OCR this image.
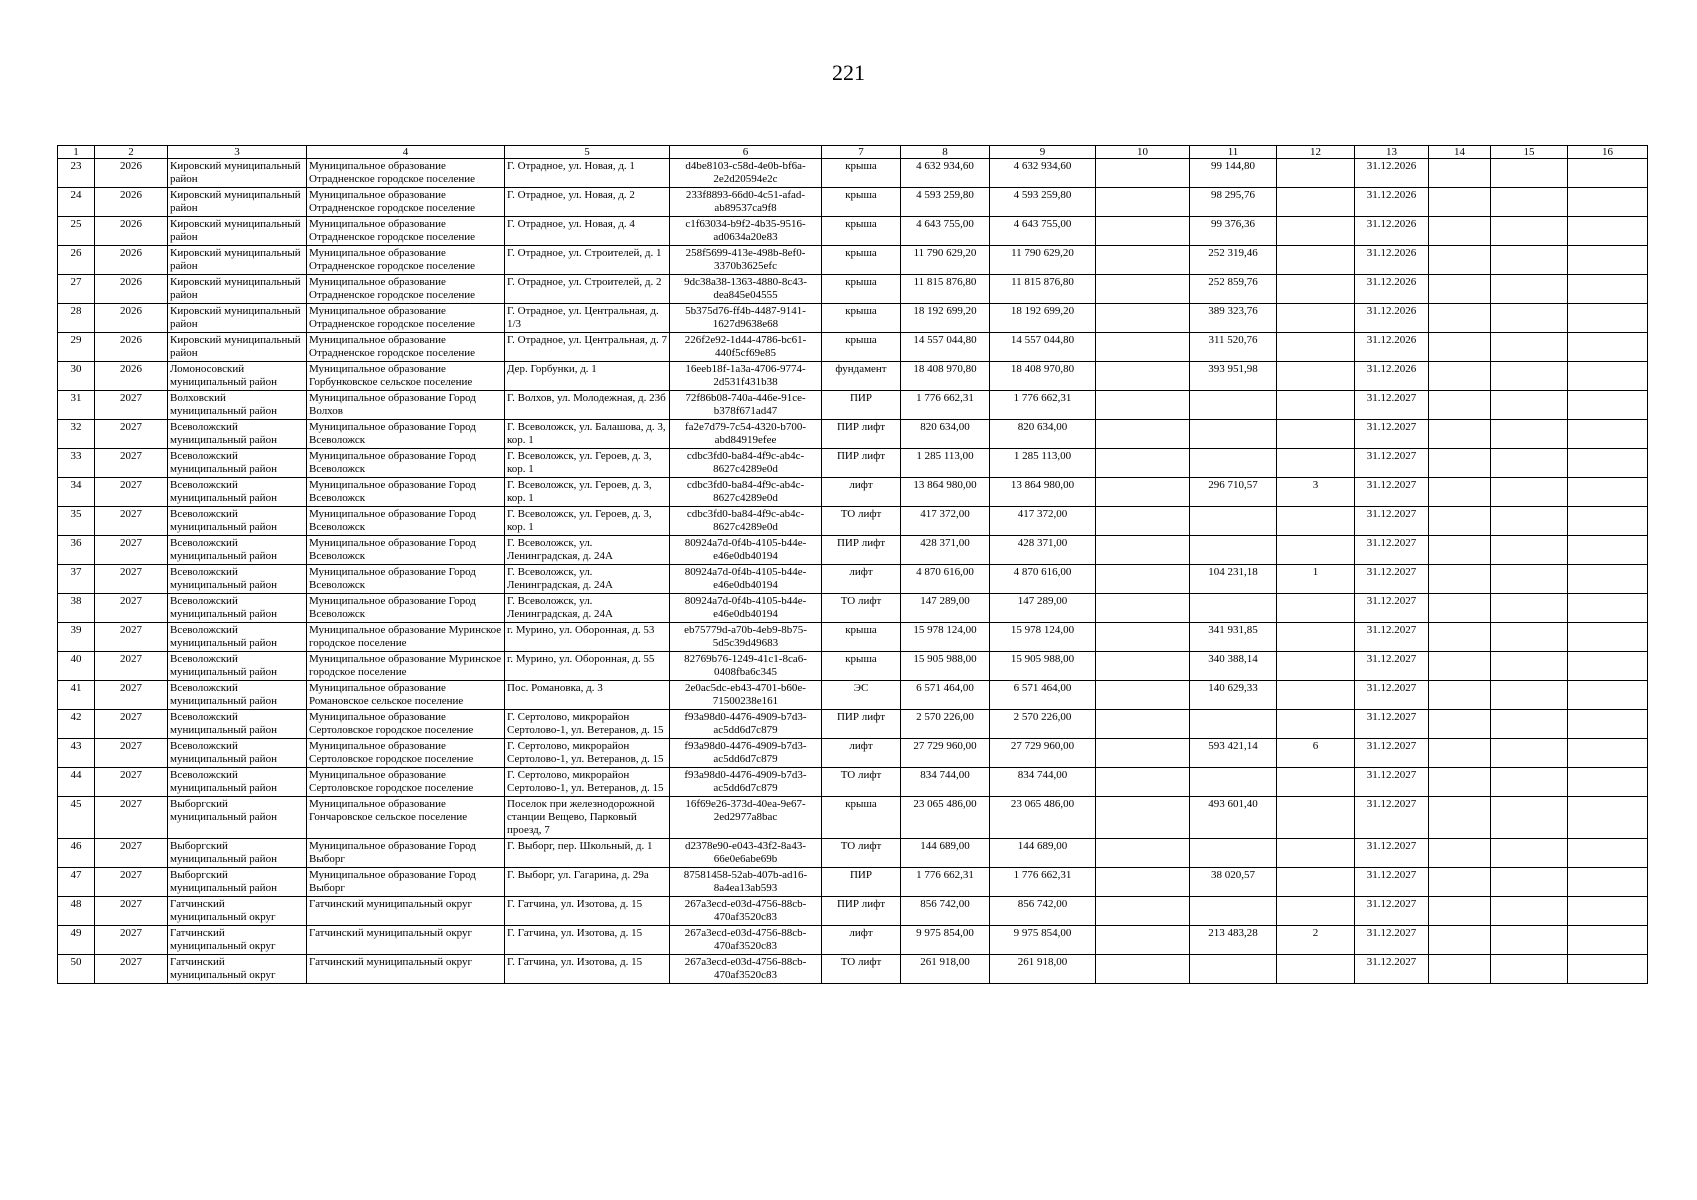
221
1	2	3	4	5	6	7	8	9	10	11	12	13	14	15	16
23	2026	Кировский муниципальный район	Муниципальное образование Отрадненское городское поселение	Г. Отрадное, ул. Новая, д. 1	d4be8103-c58d-4e0b-bf6a-2e2d20594e2c	крыша	4 632 934,60	4 632 934,60		99 144,80		31.12.2026			
24	2026	Кировский муниципальный район	Муниципальное образование Отрадненское городское поселение	Г. Отрадное, ул. Новая, д. 2	233f8893-66d0-4c51-afad-ab89537ca9f8	крыша	4 593 259,80	4 593 259,80		98 295,76		31.12.2026			
25	2026	Кировский муниципальный район	Муниципальное образование Отрадненское городское поселение	Г. Отрадное, ул. Новая, д. 4	c1f63034-b9f2-4b35-9516-ad0634a20e83	крыша	4 643 755,00	4 643 755,00		99 376,36		31.12.2026			
26	2026	Кировский муниципальный район	Муниципальное образование Отрадненское городское поселение	Г. Отрадное, ул. Строителей, д. 1	258f5699-413e-498b-8ef0-3370b3625efc	крыша	11 790 629,20	11 790 629,20		252 319,46		31.12.2026			
27	2026	Кировский муниципальный район	Муниципальное образование Отрадненское городское поселение	Г. Отрадное, ул. Строителей, д. 2	9dc38a38-1363-4880-8c43-dea845e04555	крыша	11 815 876,80	11 815 876,80		252 859,76		31.12.2026			
28	2026	Кировский муниципальный район	Муниципальное образование Отрадненское городское поселение	Г. Отрадное, ул. Центральная, д. 1/3	5b375d76-ff4b-4487-9141-1627d9638e68	крыша	18 192 699,20	18 192 699,20		389 323,76		31.12.2026			
29	2026	Кировский муниципальный район	Муниципальное образование Отрадненское городское поселение	Г. Отрадное, ул. Центральная, д. 7	226f2e92-1d44-4786-bc61-440f5cf69e85	крыша	14 557 044,80	14 557 044,80		311 520,76		31.12.2026			
30	2026	Ломоносовский муниципальный район	Муниципальное образование Горбунковское сельское поселение	Дер. Горбунки, д. 1	16eeb18f-1a3a-4706-9774-2d531f431b38	фундамент	18 408 970,80	18 408 970,80		393 951,98		31.12.2026			
31	2027	Волховский муниципальный район	Муниципальное образование Город Волхов	Г. Волхов, ул. Молодежная, д. 23б	72f86b08-740a-446e-91ce-b378f671ad47	ПИР	1 776 662,31	1 776 662,31				31.12.2027			
32	2027	Всеволожский муниципальный район	Муниципальное образование Город Всеволожск	Г. Всеволожск, ул. Балашова, д. 3, кор. 1	fa2e7d79-7c54-4320-b700-abd84919efee	ПИР лифт	820 634,00	820 634,00				31.12.2027			
33	2027	Всеволожский муниципальный район	Муниципальное образование Город Всеволожск	Г. Всеволожск, ул. Героев, д. 3, кор. 1	cdbc3fd0-ba84-4f9c-ab4c-8627c4289e0d	ПИР лифт	1 285 113,00	1 285 113,00				31.12.2027			
34	2027	Всеволожский муниципальный район	Муниципальное образование Город Всеволожск	Г. Всеволожск, ул. Героев, д. 3, кор. 1	cdbc3fd0-ba84-4f9c-ab4c-8627c4289e0d	лифт	13 864 980,00	13 864 980,00		296 710,57	3	31.12.2027			
35	2027	Всеволожский муниципальный район	Муниципальное образование Город Всеволожск	Г. Всеволожск, ул. Героев, д. 3, кор. 1	cdbc3fd0-ba84-4f9c-ab4c-8627c4289e0d	ТО лифт	417 372,00	417 372,00				31.12.2027			
36	2027	Всеволожский муниципальный район	Муниципальное образование Город Всеволожск	Г. Всеволожск, ул. Ленинградская, д. 24А	80924a7d-0f4b-4105-b44e-e46e0db40194	ПИР лифт	428 371,00	428 371,00				31.12.2027			
37	2027	Всеволожский муниципальный район	Муниципальное образование Город Всеволожск	Г. Всеволожск, ул. Ленинградская, д. 24А	80924a7d-0f4b-4105-b44e-e46e0db40194	лифт	4 870 616,00	4 870 616,00		104 231,18	1	31.12.2027			
38	2027	Всеволожский муниципальный район	Муниципальное образование Город Всеволожск	Г. Всеволожск, ул. Ленинградская, д. 24А	80924a7d-0f4b-4105-b44e-e46e0db40194	ТО лифт	147 289,00	147 289,00				31.12.2027			
39	2027	Всеволожский муниципальный район	Муниципальное образование Муринское городское поселение	г. Мурино, ул. Оборонная, д. 53	eb75779d-a70b-4eb9-8b75-5d5c39d49683	крыша	15 978 124,00	15 978 124,00		341 931,85		31.12.2027			
40	2027	Всеволожский муниципальный район	Муниципальное образование Муринское городское поселение	г. Мурино, ул. Оборонная, д. 55	82769b76-1249-41c1-8ca6-0408fba6c345	крыша	15 905 988,00	15 905 988,00		340 388,14		31.12.2027			
41	2027	Всеволожский муниципальный район	Муниципальное образование Романовское сельское поселение	Пос. Романовка, д. 3	2e0ac5dc-eb43-4701-b60e-71500238e161	ЭС	6 571 464,00	6 571 464,00		140 629,33		31.12.2027			
42	2027	Всеволожский муниципальный район	Муниципальное образование Сертоловское городское поселение	Г. Сертолово, микрорайон Сертолово-1, ул. Ветеранов, д. 15	f93a98d0-4476-4909-b7d3-ac5dd6d7c879	ПИР лифт	2 570 226,00	2 570 226,00				31.12.2027			
43	2027	Всеволожский муниципальный район	Муниципальное образование Сертоловское городское поселение	Г. Сертолово, микрорайон Сертолово-1, ул. Ветеранов, д. 15	f93a98d0-4476-4909-b7d3-ac5dd6d7c879	лифт	27 729 960,00	27 729 960,00		593 421,14	6	31.12.2027			
44	2027	Всеволожский муниципальный район	Муниципальное образование Сертоловское городское поселение	Г. Сертолово, микрорайон Сертолово-1, ул. Ветеранов, д. 15	f93a98d0-4476-4909-b7d3-ac5dd6d7c879	ТО лифт	834 744,00	834 744,00				31.12.2027			
45	2027	Выборгский муниципальный район	Муниципальное образование Гончаровское сельское поселение	Поселок при железнодорожной станции Вещево, Парковый проезд, 7	16f69e26-373d-40ea-9e67-2ed2977a8bac	крыша	23 065 486,00	23 065 486,00		493 601,40		31.12.2027			
46	2027	Выборгский муниципальный район	Муниципальное образование Город Выборг	Г. Выборг, пер. Школьный, д. 1	d2378e90-e043-43f2-8a43-66e0e6abe69b	ТО лифт	144 689,00	144 689,00				31.12.2027			
47	2027	Выборгский муниципальный район	Муниципальное образование Город Выборг	Г. Выборг, ул. Гагарина, д. 29а	87581458-52ab-407b-ad16-8a4ea13ab593	ПИР	1 776 662,31	1 776 662,31		38 020,57		31.12.2027			
48	2027	Гатчинский муниципальный округ	Гатчинский муниципальный округ	Г. Гатчина, ул. Изотова, д. 15	267a3ecd-e03d-4756-88cb-470af3520c83	ПИР лифт	856 742,00	856 742,00				31.12.2027			
49	2027	Гатчинский муниципальный округ	Гатчинский муниципальный округ	Г. Гатчина, ул. Изотова, д. 15	267a3ecd-e03d-4756-88cb-470af3520c83	лифт	9 975 854,00	9 975 854,00		213 483,28	2	31.12.2027			
50	2027	Гатчинский муниципальный округ	Гатчинский муниципальный округ	Г. Гатчина, ул. Изотова, д. 15	267a3ecd-e03d-4756-88cb-470af3520c83	ТО лифт	261 918,00	261 918,00				31.12.2027			
